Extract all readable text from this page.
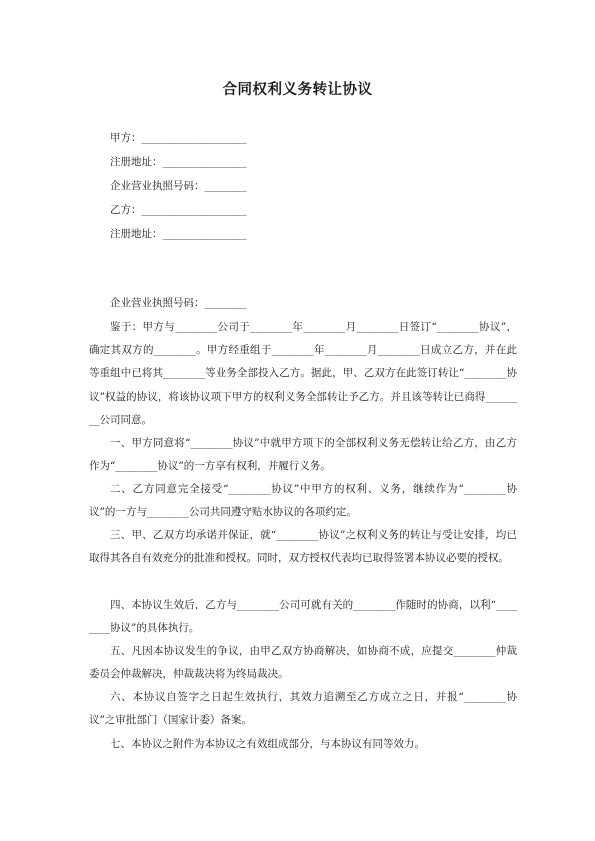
合同权利义务转让协议
甲方：____________________
注册地址：________________
企业营业执照号码：________
乙方：____________________
注册地址：________________
企业营业执照号码：________
鉴于：甲方与________公司于________年________月________日签订“________协议”，确定其双方的________。甲方经重组于________年________月________日成立乙方，并在此等重组中已将其________等业务全部投入乙方。据此，甲、乙双方在此签订转让“________协议”权益的协议，将该协议项下甲方的权利义务全部转让予乙方。并且该等转让已商得________公司同意。
一、甲方同意将“________协议”中就甲方项下的全部权利义务无偿转让给乙方，由乙方作为“________协议”的一方享有权利，并履行义务。
二、乙方同意完全接受“________协议”中甲方的权利、义务，继续作为“________协议”的一方与________公司共同遵守贴水协议的各项约定。
三、甲、乙双方均承诺并保证，就“________协议”之权利义务的转让与受让安排，均已取得其各自有效充分的批准和授权。同时，双方授权代表均已取得签署本协议必要的授权。
四、本协议生效后，乙方与________公司可就有关的________作随时的协商，以利“________协议”的具体执行。
五、凡因本协议发生的争议，由甲乙双方协商解决，如协商不成，应提交________仲裁委员会仲裁解决，仲裁裁决将为终局裁决。
六、本协议自签字之日起生效执行，其效力追溯至乙方成立之日，并报“________协议”之审批部门（国家计委）备案。
七、本协议之附件为本协议之有效组成部分，与本协议有同等效力。
